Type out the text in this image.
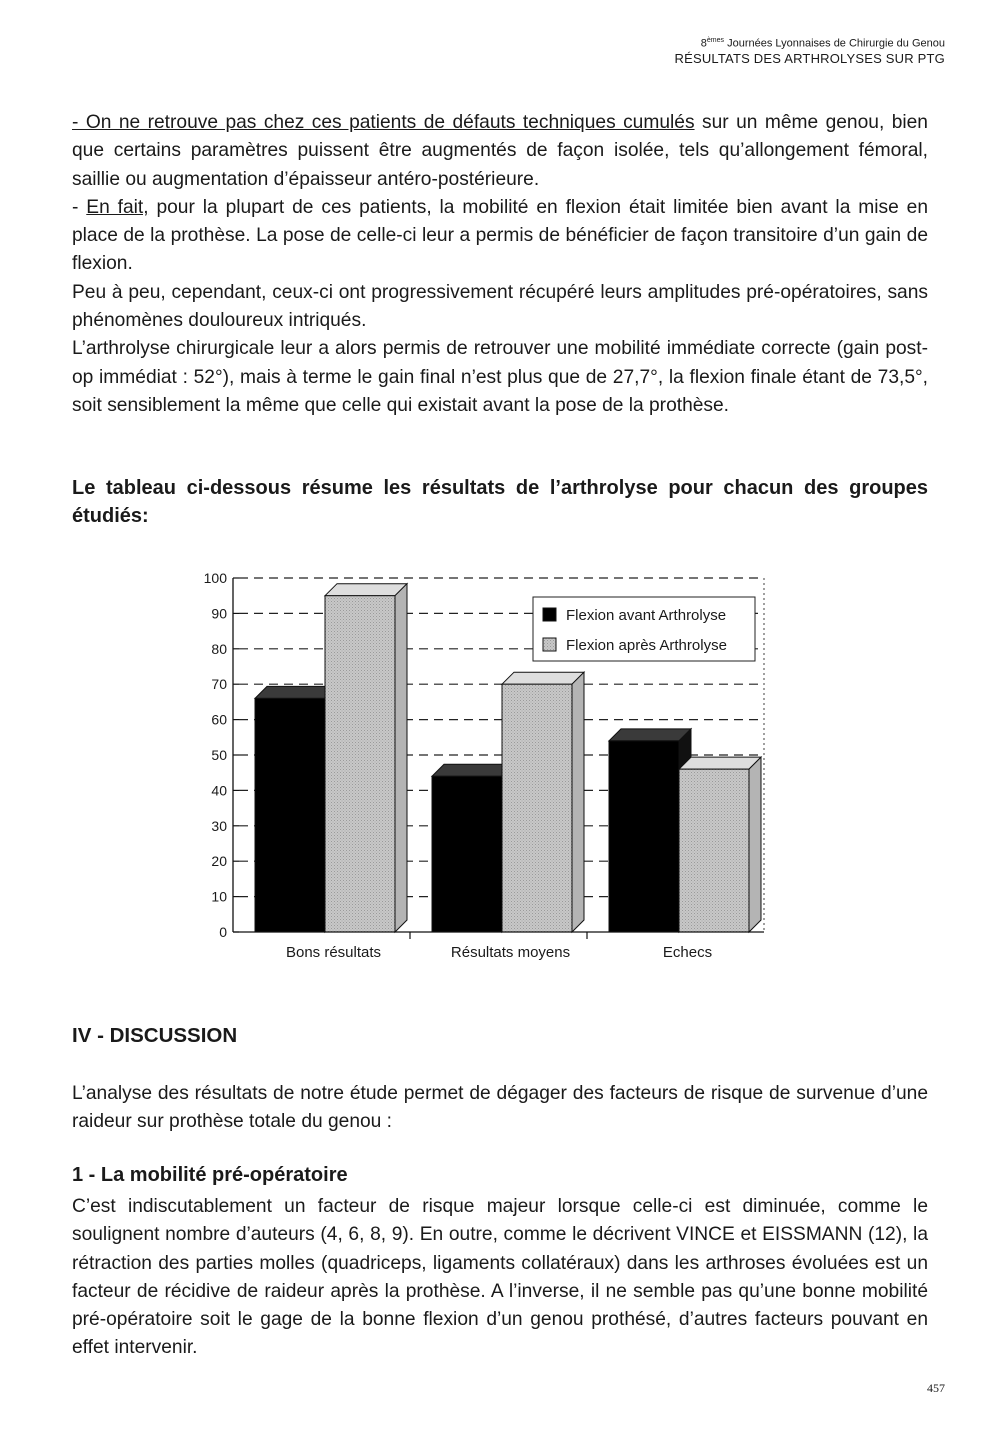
8èmes Journées Lyonnaises de Chirurgie du Genou
RÉSULTATS DES ARTHROLYSES SUR PTG

- On ne retrouve pas chez ces patients de défauts techniques cumulés sur un même genou, bien que certains paramètres puissent être augmentés de façon isolée, tels qu’allongement fémoral, saillie ou augmentation d’épaisseur antéro-postérieure.

- En fait, pour la plupart de ces patients, la mobilité en flexion était limitée bien avant la mise en place de la prothèse. La pose de celle-ci leur a permis de bénéficier de façon transitoire d’un gain de flexion.

Peu à peu, cependant, ceux-ci ont progressivement récupéré leurs amplitudes pré-opératoires, sans phénomènes douloureux intriqués.

L’arthrolyse chirurgicale leur a alors permis de retrouver une mobilité immédiate correcte (gain post-op immédiat : 52°), mais à terme le gain final n’est plus que de 27,7°, la flexion finale étant de 73,5°, soit sensiblement la même que celle qui existait avant la pose de la prothèse.

Le tableau ci-dessous résume les résultats de l’arthrolyse pour chacun des groupes étudiés:
0
10
20
30
40
50
60
70
80
90
100
Bons résultats	Résultats moyens	Echecs
Flexion avant Arthrolyse
Flexion après Arthrolyse
IV - DISCUSSION

L’analyse des résultats de notre étude permet de dégager des facteurs de risque de survenue d’une raideur sur prothèse totale du genou :

1 - La mobilité pré-opératoire

C’est indiscutablement un facteur de risque majeur lorsque celle-ci est diminuée, comme le soulignent nombre d’auteurs (4, 6, 8, 9). En outre, comme le décrivent VINCE et EISSMANN (12), la rétraction des parties molles (quadriceps, ligaments collatéraux) dans les arthroses évoluées est un facteur de récidive de raideur après la prothèse. A l’inverse, il ne semble pas qu’une bonne mobilité pré-opératoire soit le gage de la bonne flexion d’un genou prothésé, d’autres facteurs pouvant en effet intervenir.

457
